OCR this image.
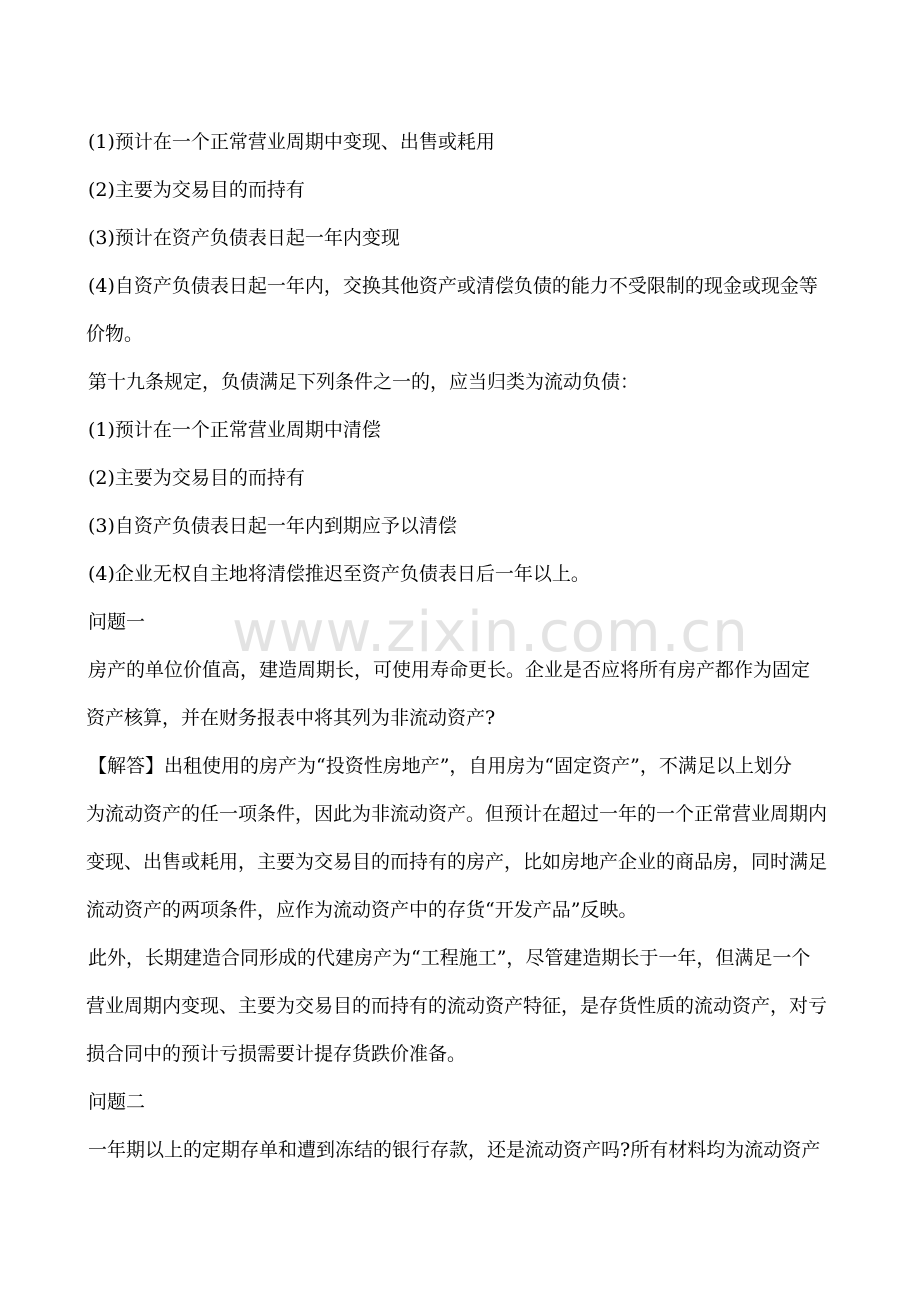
(1)预计在一个正常营业周期中变现、出售或耗用

(2)主要为交易目的而持有

(3)预计在资产负债表日起一年内变现

(4)自资产负债表日起一年内，交换其他资产或清偿负债的能力不受限制的现金或现金等

价物。

第十九条规定，负债满足下列条件之一的，应当归类为流动负债：

(1)预计在一个正常营业周期中清偿

(2)主要为交易目的而持有

(3)自资产负债表日起一年内到期应予以清偿

(4)企业无权自主地将清偿推迟至资产负债表日后一年以上。

问题一

房产的单位价值高，建造周期长，可使用寿命更长。企业是否应将所有房产都作为固定

资产核算，并在财务报表中将其列为非流动资产?

【解答】出租使用的房产为“投资性房地产”，自用房为“固定资产”，不满足以上划分

为流动资产的任一项条件，因此为非流动资产。但预计在超过一年的一个正常营业周期内

变现、出售或耗用，主要为交易目的而持有的房产，比如房地产企业的商品房，同时满足

流动资产的两项条件，应作为流动资产中的存货“开发产品”反映。

此外，长期建造合同形成的代建房产为“工程施工”，尽管建造期长于一年，但满足一个

营业周期内变现、主要为交易目的而持有的流动资产特征，是存货性质的流动资产，对亏

损合同中的预计亏损需要计提存货跌价准备。

问题二

一年期以上的定期存单和遭到冻结的银行存款，还是流动资产吗?所有材料均为流动资产

www.zixin.com.cn
